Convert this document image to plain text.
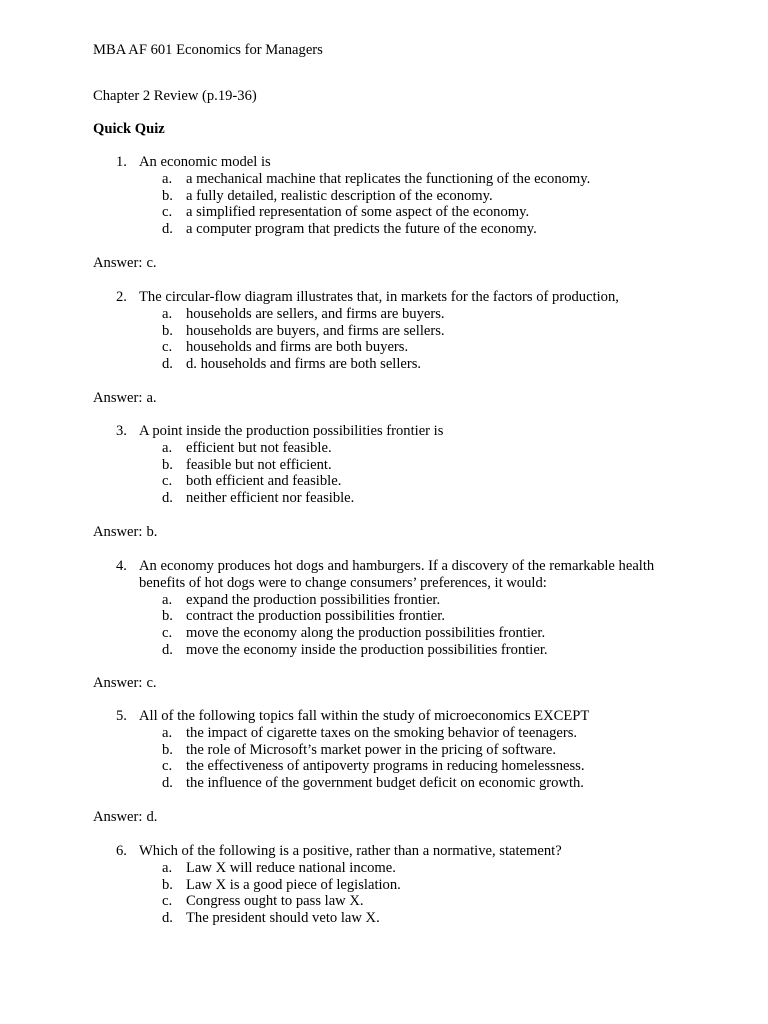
MBA AF 601 Economics for Managers
Chapter 2 Review (p.19-36)
Quick Quiz
1. An economic model is
a. a mechanical machine that replicates the functioning of the economy.
b. a fully detailed, realistic description of the economy.
c. a simplified representation of some aspect of the economy.
d. a computer program that predicts the future of the economy.
Answer: c.
2. The circular-flow diagram illustrates that, in markets for the factors of production,
a. households are sellers, and firms are buyers.
b. households are buyers, and firms are sellers.
c. households and firms are both buyers.
d. d. households and firms are both sellers.
Answer: a.
3. A point inside the production possibilities frontier is
a. efficient but not feasible.
b. feasible but not efficient.
c. both efficient and feasible.
d. neither efficient nor feasible.
Answer: b.
4. An economy produces hot dogs and hamburgers. If a discovery of the remarkable health benefits of hot dogs were to change consumers’ preferences, it would:
a. expand the production possibilities frontier.
b. contract the production possibilities frontier.
c. move the economy along the production possibilities frontier.
d. move the economy inside the production possibilities frontier.
Answer: c.
5. All of the following topics fall within the study of microeconomics EXCEPT
a. the impact of cigarette taxes on the smoking behavior of teenagers.
b. the role of Microsoft’s market power in the pricing of software.
c. the effectiveness of antipoverty programs in reducing homelessness.
d. the influence of the government budget deficit on economic growth.
Answer: d.
6. Which of the following is a positive, rather than a normative, statement?
a. Law X will reduce national income.
b. Law X is a good piece of legislation.
c. Congress ought to pass law X.
d. The president should veto law X.
